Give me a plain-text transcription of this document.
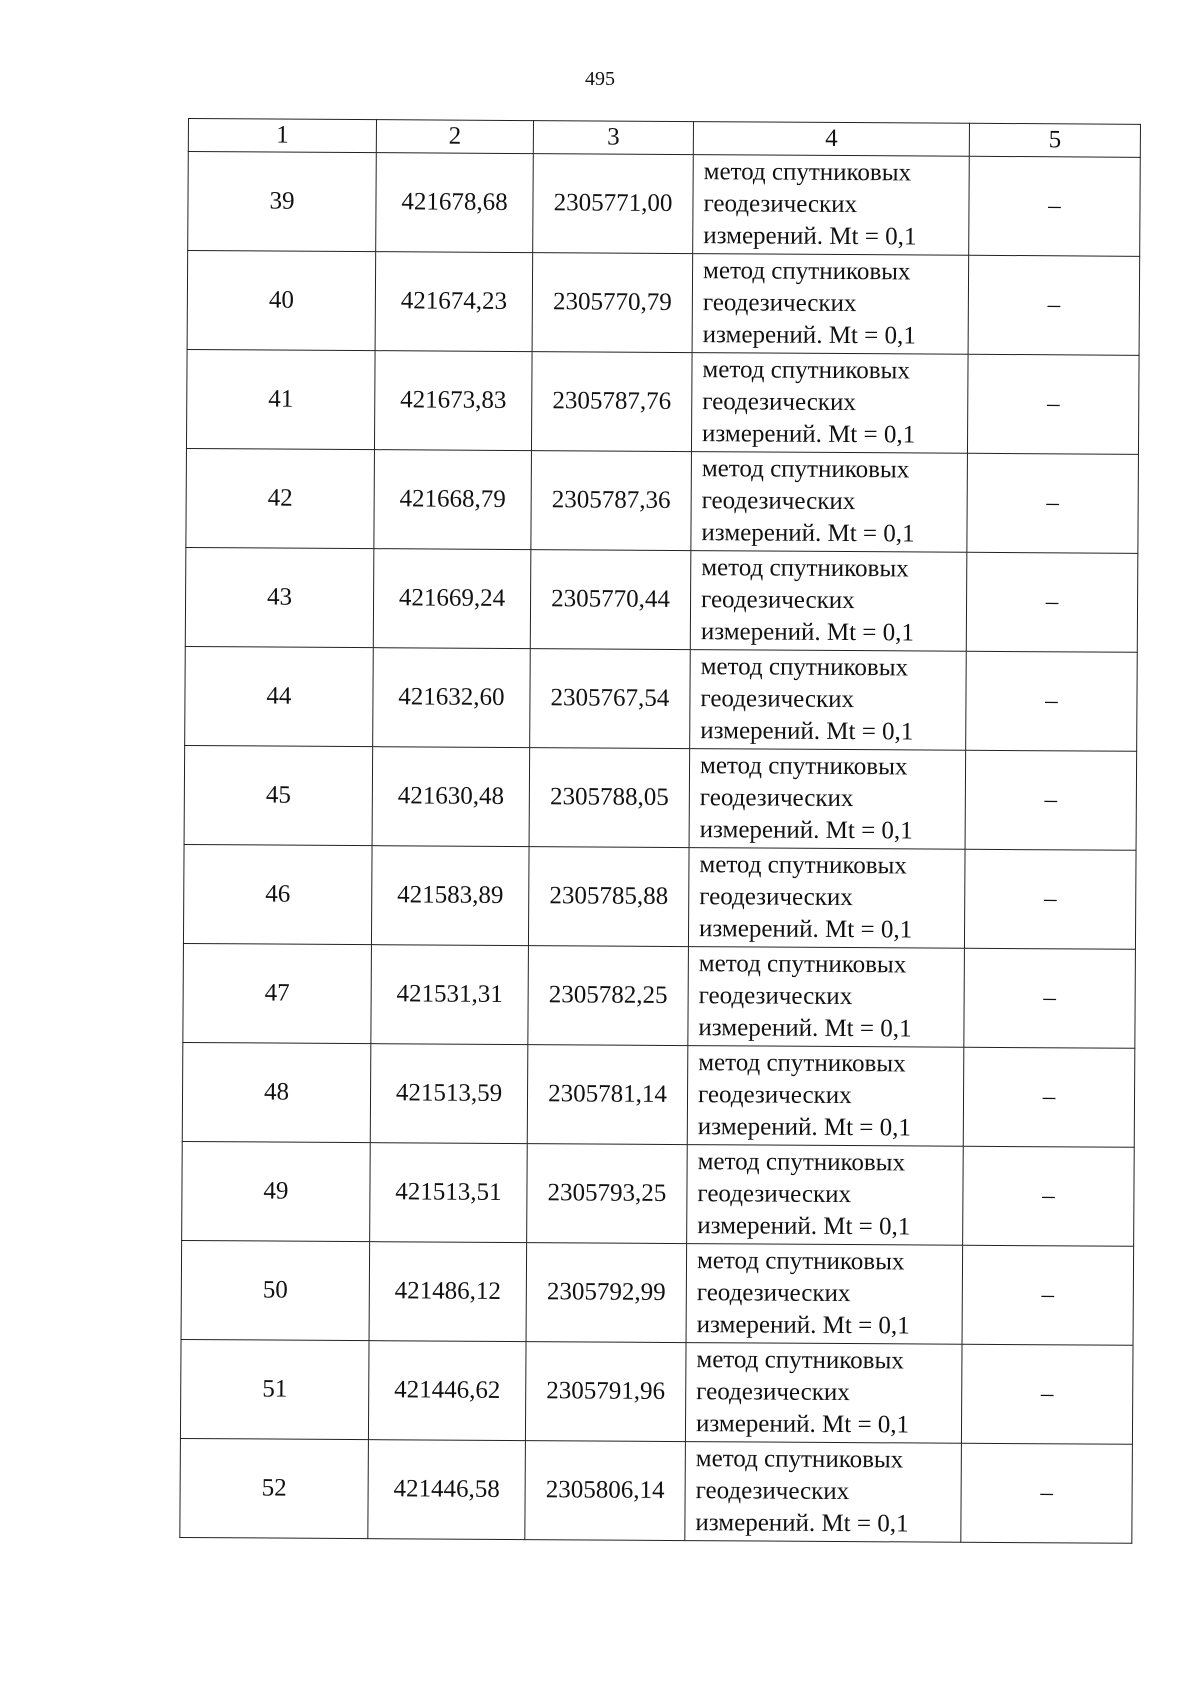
495
1	2	3	4	5
39	421678,68	2305771,00	метод спутниковых
геодезических
измерений. Mt = 0,1	–
40	421674,23	2305770,79	метод спутниковых
геодезических
измерений. Mt = 0,1	–
41	421673,83	2305787,76	метод спутниковых
геодезических
измерений. Mt = 0,1	–
42	421668,79	2305787,36	метод спутниковых
геодезических
измерений. Mt = 0,1	–
43	421669,24	2305770,44	метод спутниковых
геодезических
измерений. Mt = 0,1	–
44	421632,60	2305767,54	метод спутниковых
геодезических
измерений. Mt = 0,1	–
45	421630,48	2305788,05	метод спутниковых
геодезических
измерений. Mt = 0,1	–
46	421583,89	2305785,88	метод спутниковых
геодезических
измерений. Mt = 0,1	–
47	421531,31	2305782,25	метод спутниковых
геодезических
измерений. Mt = 0,1	–
48	421513,59	2305781,14	метод спутниковых
геодезических
измерений. Mt = 0,1	–
49	421513,51	2305793,25	метод спутниковых
геодезических
измерений. Mt = 0,1	–
50	421486,12	2305792,99	метод спутниковых
геодезических
измерений. Mt = 0,1	–
51	421446,62	2305791,96	метод спутниковых
геодезических
измерений. Mt = 0,1	–
52	421446,58	2305806,14	метод спутниковых
геодезических
измерений. Mt = 0,1	–
